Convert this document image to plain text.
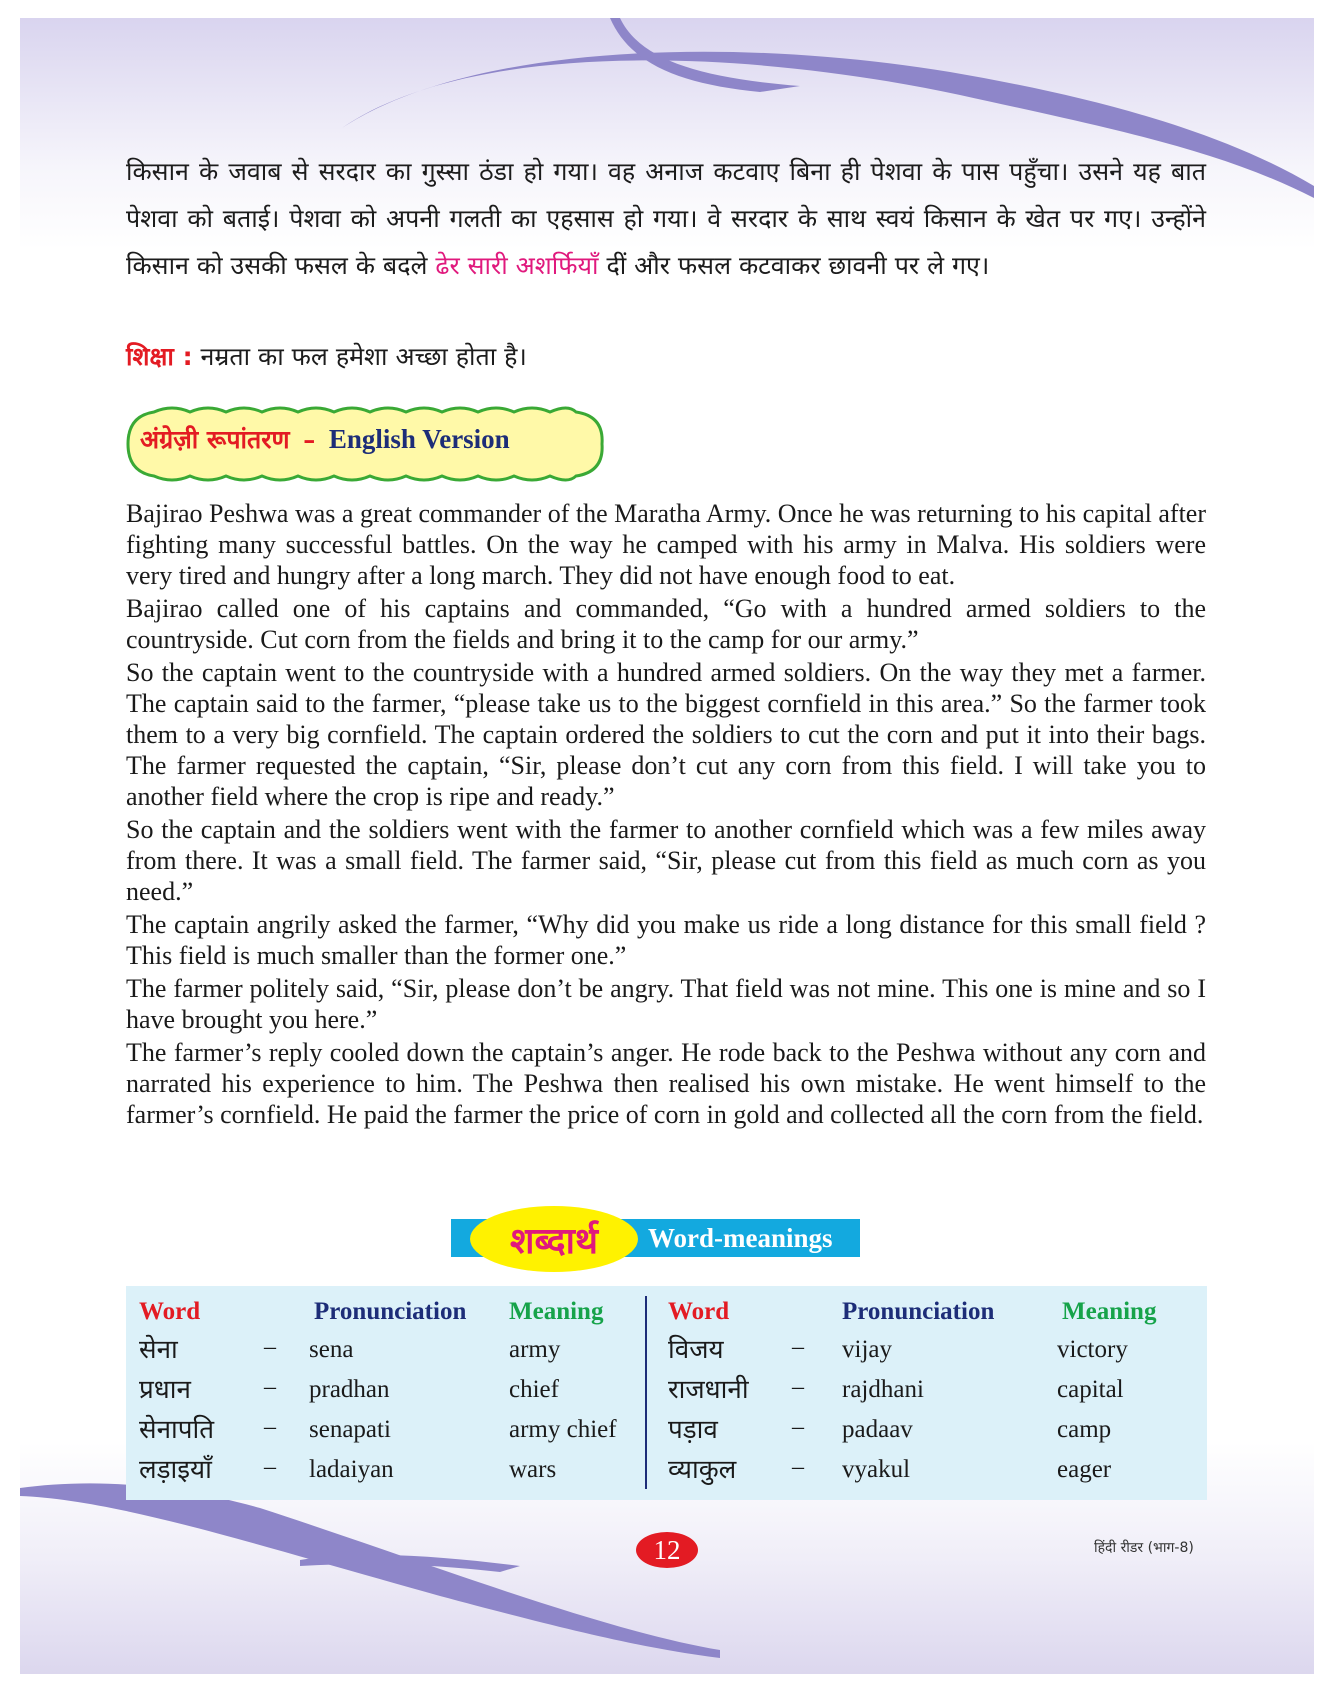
किसान के जवाब से सरदार का गुस्सा ठंडा हो गया। वह अनाज कटवाए बिना ही पेशवा के पास पहुँचा। उसने यह बात पेशवा को बताई। पेशवा को अपनी गलती का एहसास हो गया। वे सरदार के साथ स्वयं किसान के खेत पर गए। उन्होंने किसान को उसकी फसल के बदले ढेर सारी अशर्फियाँ दीं और फसल कटवाकर छावनी पर ले गए।

शिक्षा : नम्रता का फल हमेशा अच्छा होता है।

अंग्रेज़ी रूपांतरण – English Version

Bajirao Peshwa was a great commander of the Maratha Army. Once he was returning to his capital after fighting many successful battles. On the way he camped with his army in Malva. His soldiers were very tired and hungry after a long march. They did not have enough food to eat.

Bajirao called one of his captains and commanded, “Go with a hundred armed soldiers to the countryside. Cut corn from the fields and bring it to the camp for our army.”

So the captain went to the countryside with a hundred armed soldiers. On the way they met a farmer. The captain said to the farmer, “please take us to the biggest cornfield in this area.” So the farmer took them to a very big cornfield. The captain ordered the soldiers to cut the corn and put it into their bags. The farmer requested the captain, “Sir, please don’t cut any corn from this field. I will take you to another field where the crop is ripe and ready.”

So the captain and the soldiers went with the farmer to another cornfield which was a few miles away from there. It was a small field. The farmer said, “Sir, please cut from this field as much corn as you need.”

The captain angrily asked the farmer, “Why did you make us ride a long distance for this small field ? This field is much smaller than the former one.”

The farmer politely said, “Sir, please don’t be angry. That field was not mine. This one is mine and so I have brought you here.”

The farmer’s reply cooled down the captain’s anger. He rode back to the Peshwa without any corn and narrated his experience to him. The Peshwa then realised his own mistake. He went himself to the farmer’s cornfield. He paid the farmer the price of corn in gold and collected all the corn from the field.

शब्दार्थ Word-meanings
Word	Pronunciation Meaning	Word	Pronunciation	Meaning
सेना	– sena	army	विजय	– vijay	victory
प्रधान	– pradhan	chief	राजधानी – rajdhani	capital
सेनापति – senapati	army chief पड़ाव	– padaav	camp
लड़ाइयाँ – ladaiyan	wars	व्याकुल – vyakul	eager
12	हिंदी रीडर (भाग-8)
